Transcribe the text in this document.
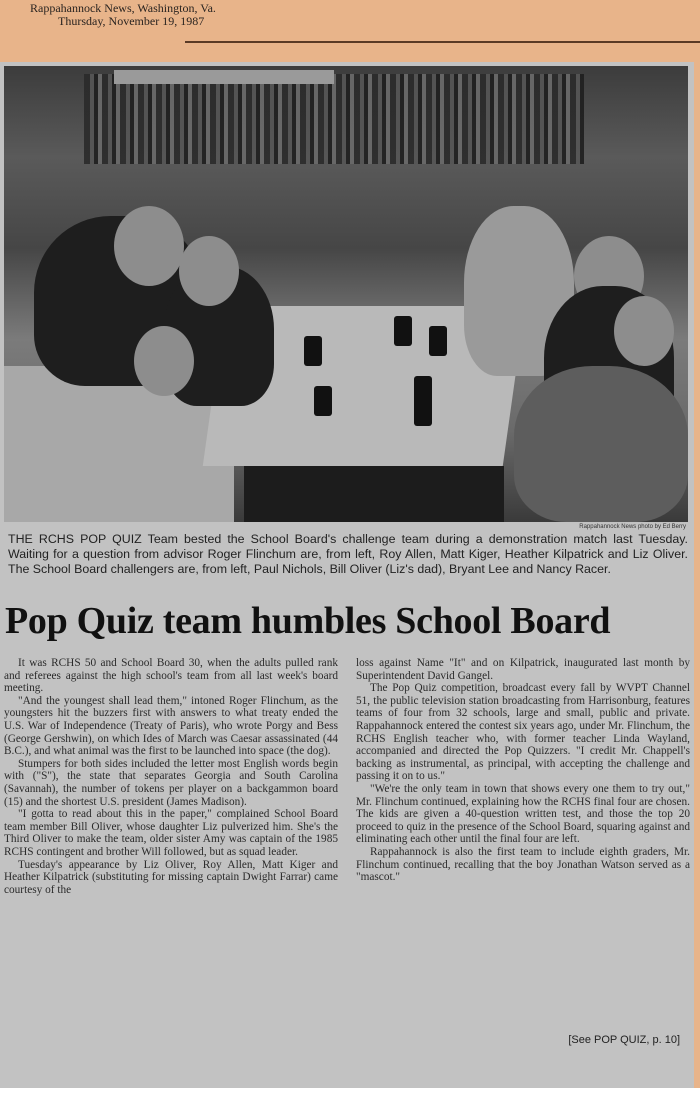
Rappahannock News, Washington, Va.
Thursday, November 19, 1987
Rappahannock News photo by Ed Berry
THE RCHS POP QUIZ Team bested the School Board's challenge team during a demonstration match last Tuesday. Waiting for a question from advisor Roger Flinchum are, from left, Roy Allen, Matt Kiger, Heather Kilpatrick and Liz Oliver. The School Board challengers are, from left, Paul Nichols, Bill Oliver (Liz's dad), Bryant Lee and Nancy Racer.
Pop Quiz team humbles School Board

It was RCHS 50 and School Board 30, when the adults pulled rank and referees against the high school's team from all last week's board meeting.

"And the youngest shall lead them," intoned Roger Flinchum, as the youngsters hit the buzzers first with answers to what treaty ended the U.S. War of Independence (Treaty of Paris), who wrote Porgy and Bess (George Gershwin), on which Ides of March was Caesar assassinated (44 B.C.), and what animal was the first to be launched into space (the dog).

Stumpers for both sides included the letter most English words begin with ("S"), the state that separates Georgia and South Carolina (Savannah), the number of tokens per player on a backgammon board (15) and the shortest U.S. president (James Madison).

"I gotta to read about this in the paper," complained School Board team member Bill Oliver, whose daughter Liz pulverized him. She's the Third Oliver to make the team, older sister Amy was captain of the 1985 RCHS contingent and brother Will followed, but as squad leader.

Tuesday's appearance by Liz Oliver, Roy Allen, Matt Kiger and Heather Kilpatrick (substituting for missing captain Dwight Farrar) came courtesy of the

loss against Name "It" and on Kilpatrick, inaugurated last month by Superintendent David Gangel.

The Pop Quiz competition, broadcast every fall by WVPT Channel 51, the public television station broadcasting from Harrisonburg, features teams of four from 32 schools, large and small, public and private. Rappahannock entered the contest six years ago, under Mr. Flinchum, the RCHS English teacher who, with former teacher Linda Wayland, accompanied and directed the Pop Quizzers. "I credit Mr. Chappell's backing as instrumental, as principal, with accepting the challenge and passing it on to us."

"We're the only team in town that shows every one them to try out," Mr. Flinchum continued, explaining how the RCHS final four are chosen. The kids are given a 40-question written test, and those the top 20 proceed to quiz in the presence of the School Board, squaring against and eliminating each other until the final four are left.

Rappahannock is also the first team to include eighth graders, Mr. Flinchum continued, recalling that the boy Jonathan Watson served as a "mascot."

[See POP QUIZ, p. 10]
